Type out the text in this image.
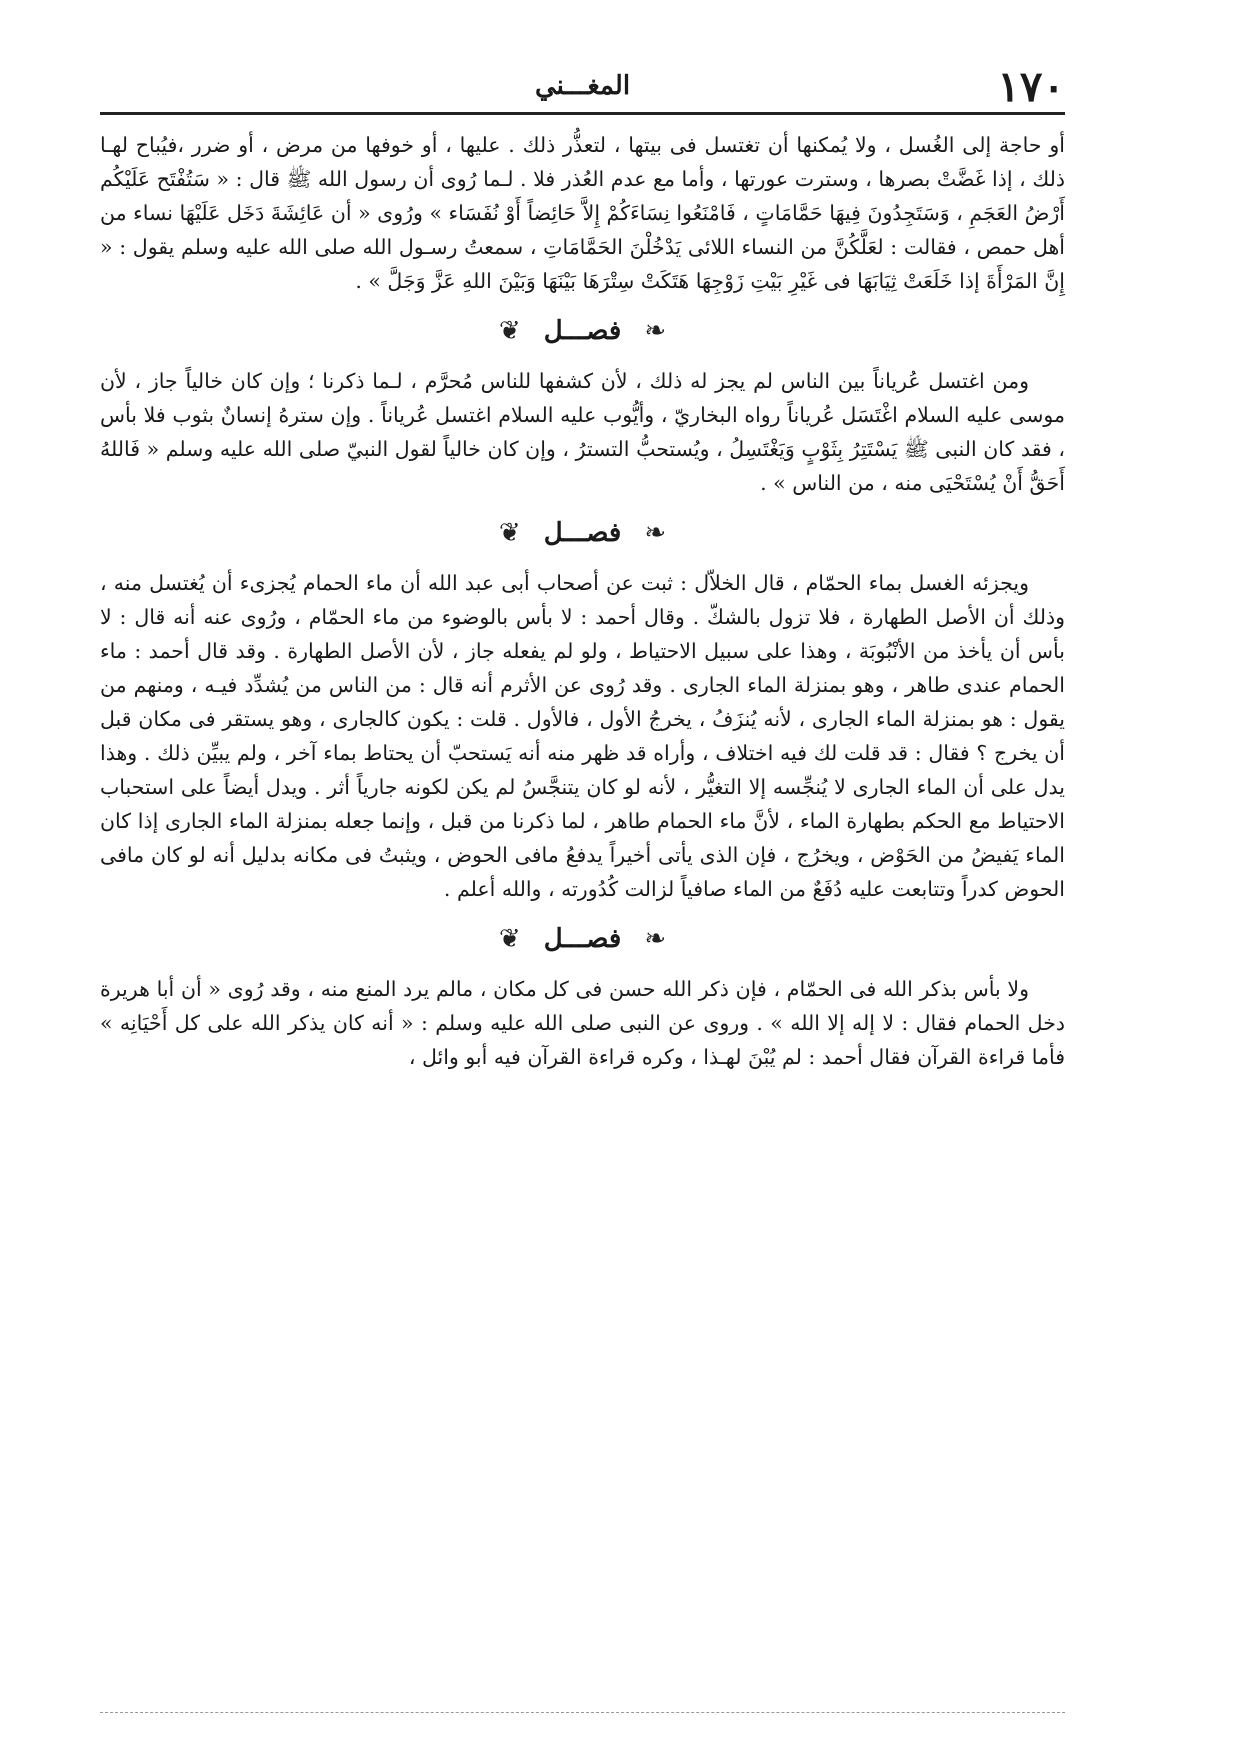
١٧٠
المغـــني

أو حاجة إلى الغُسل ، ولا يُمكنها أن تغتسل فى بيتها ، لتعذُّر ذلك . عليها ، أو خوفها من مرض ، أو ضرر ،فيُباح لهـا ذلك ، إذا غَضَّتْ بصرها ، وسترت عورتها ، وأما مع عدم العُذر فلا . لـما رُوى أن رسول الله ﷺ قال : « سَتُفْتَح عَلَيْكُم أَرْضُ العَجَمِ ، وَسَتَجِدُونَ فِيهَا حَمَّامَاتٍ ، فَامْنَعُوا نِسَاءَكُمْ إِلاَّ حَائِضاً أَوْ نُفَسَاء » ورُوى « أن عَائِشَةَ دَخَل عَلَيْهَا نساء من أهل حمص ، فقالت : لعَلَّكُنَّ من النساء اللائى يَدْخُلْنَ الحَمَّامَاتِ ، سمعتُ رسـول الله صلى الله عليه وسلم يقول : « إِنَّ المَرْأَةَ إذا خَلَعَتْ ثِيَابَهَا فى غَيْرِ بَيْتِ زَوْجِهَا هَتَكَتْ سِتْرَهَا بَيْنَهَا وَبَيْنَ اللهِ عَزَّ وَجَلَّ » .

❧ فصـــل ❦

ومن اغتسل عُرياناً بين الناس لم يجز له ذلك ، لأن كشفها للناس مُحرَّم ، لـما ذكرنا ؛ وإن كان خالياً جاز ، لأن موسى عليه السلام اغْتَسَل عُرياناً رواه البخاريّ ، وأيُّوب عليه السلام اغتسل عُرياناً . وإن سترهُ إنسانٌ بثوب فلا بأس ، فقد كان النبى ﷺ يَسْتَتِرُ بِثَوْبٍ وَيَغْتَسِلُ ، ويُستحبُّ التسترُ ، وإن كان خالياً لقول النبيّ صلى الله عليه وسلم « فَاللهُ أَحَقُّ أَنْ يُسْتَحْيَى منه ، من الناس » .

❧ فصـــل ❦

ويجزئه الغسل بماء الحمّام ، قال الخلاّل : ثبت عن أصحاب أبى عبد الله أن ماء الحمام يُجزىء أن يُغتسل منه ، وذلك أن الأصل الطهارة ، فلا تزول بالشكّ . وقال أحمد : لا بأس بالوضوء من ماء الحمّام ، ورُوى عنه أنه قال : لا بأس أن يأخذ من الأنْبُوبَة ، وهذا على سبيل الاحتياط ، ولو لم يفعله جاز ، لأن الأصل الطهارة . وقد قال أحمد : ماء الحمام عندى طاهر ، وهو بمنزلة الماء الجارى . وقد رُوى عن الأثرم أنه قال : من الناس من يُشدِّد فيـه ، ومنهم من يقول : هو بمنزلة الماء الجارى ، لأنه يُنزَفُ ، يخرجُ الأول ، فالأول . قلت : يكون كالجارى ، وهو يستقر فى مكان قبل أن يخرج ؟ فقال : قد قلت لك فيه اختلاف ، وأراه قد ظهر منه أنه يَستحبّ أن يحتاط بماء آخر ، ولم يبيِّن ذلك . وهذا يدل على أن الماء الجارى لا يُنجِّسه إلا التغيُّر ، لأنه لو كان يتنجَّسُ لم يكن لكونه جارياً أثر . ويدل أيضاً على استحباب الاحتياط مع الحكم بطهارة الماء ، لأنَّ ماء الحمام طاهر ، لما ذكرنا من قبل ، وإنما جعله بمنزلة الماء الجارى إذا كان الماء يَفيضُ من الحَوْض ، ويخرُج ، فإن الذى يأتى أخيراً يدفعُ مافى الحوض ، ويثبتُ فى مكانه بدليل أنه لو كان مافى الحوض كدراً وتتابعت عليه دُفَعٌ من الماء صافياً لزالت كُدُورته ، والله أعلم .

❧ فصـــل ❦

ولا بأس بذكر الله فى الحمّام ، فإن ذكر الله حسن فى كل مكان ، مالم يرد المنع منه ، وقد رُوى « أن أبا هريرة دخل الحمام فقال : لا إله إلا الله » . وروى عن النبى صلى الله عليه وسلم : « أنه كان يذكر الله على كل أَحْيَانِه » فأما قراءة القرآن فقال أحمد : لم يُبْنَ لهـذا ، وكره قراءة القرآن فيه أبو وائل ،
